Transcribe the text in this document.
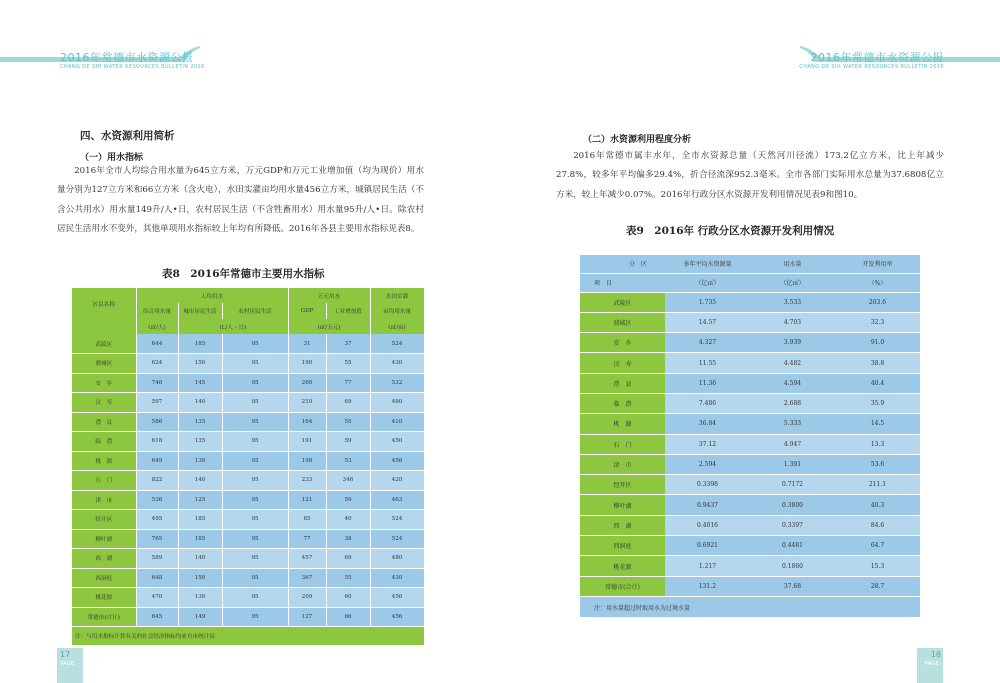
2016年常德市水资源公报
CHANG DE SHI WATER RESOURCES BULLETIN 2016
2016年常德市水资源公报
CHANG DE SHI WATER RESOURCES BULLETIN 2016
四、水资源利用简析
（一）用水指标

2016年全市人均综合用水量为645立方米，万元GDP和万元工业增加值（均为现价）用水量分别为127立方米和66立方米（含火电），水田实灌亩均用水量456立方米，城镇居民生活（不含公共用水）用水量149升/人•日，农村居民生活（不含牲畜用水）用水量95升/人•日。除农村居民生活用水不变外，其他单项用水指标较上年均有所降低。2016年各县主要用水指标见表8。

表8　2016年常德市主要用水指标
区县名称	人均用水			万元用水		水田实灌
	综合用水量	城市居民生活	农村居民生活	GDP	工业增加值	亩均用水量
	(㎡/人)	(L/人・日)		(㎡/万元)		(㎡/亩)
武陵区	644	185	95	31	37	524
鼎城区	624	150	95	190	55	430
安　乡	746	145	95	266	77	532
汉　寿	597	140	95	210	69	480
澧　县	586	135	95	164	55	410
临　澧	618	135	95	191	59	450
桃　源	649	130	95	198	53	456
石　门	822	140	95	233	346	420
津　市	536	125	95	121	59	463
经开区	495	185	95	65	40	524
柳叶湖	765	185	95	77	38	524
西　湖	589	140	95	457	69	480
西洞庭	648	150	95	367	55	430
桃花源	470	130	95	209	60	456
常德市(合计)	645	149	95	127	66	456
注：与用水指标计算有关的社会经济指标均来自市统计局						
17
PAGE
（二）水资源利用程度分析

2016年常德市属丰水年，全市水资源总量（天然河川径流）173.2亿立方米，比上年减少27.8%，较多年平均偏多29.4%，折合径流深952.3毫米。全市各部门实际用水总量为37.6808亿立方米，较上年减少0.07%。2016年行政分区水资源开发利用情况见表9和图10。

表9　2016年 行政分区水资源开发利用情况
分　区	多年平均水资源量	用水量	开发利用率
项　目	（亿㎥）	（亿㎥）	（%）
武陵区	1.735	3.533	203.6
鼎城区	14.57	4.703	32.3
安　乡	4.327	3.939	91.0
汉　寿	11.55	4.482	38.8
澧　县	11.36	4.594	40.4
临　澧	7.486	2.688	35.9
桃　源	36.84	5.333	14.5
石　门	37.12	4.947	13.3
津　市	2.594	1.391	53.6
经开区	0.3398	0.7172	211.1
柳叶湖	0.9437	0.3800	40.3
西　湖	0.4016	0.3397	84.6
西洞庭	0.6921	0.4481	64.7
桃花源	1.217	0.1860	15.3
常德市(合计)	131.2	37.68	28.7
注：用水量超过时取用水为过境水量			
18
PAGE
